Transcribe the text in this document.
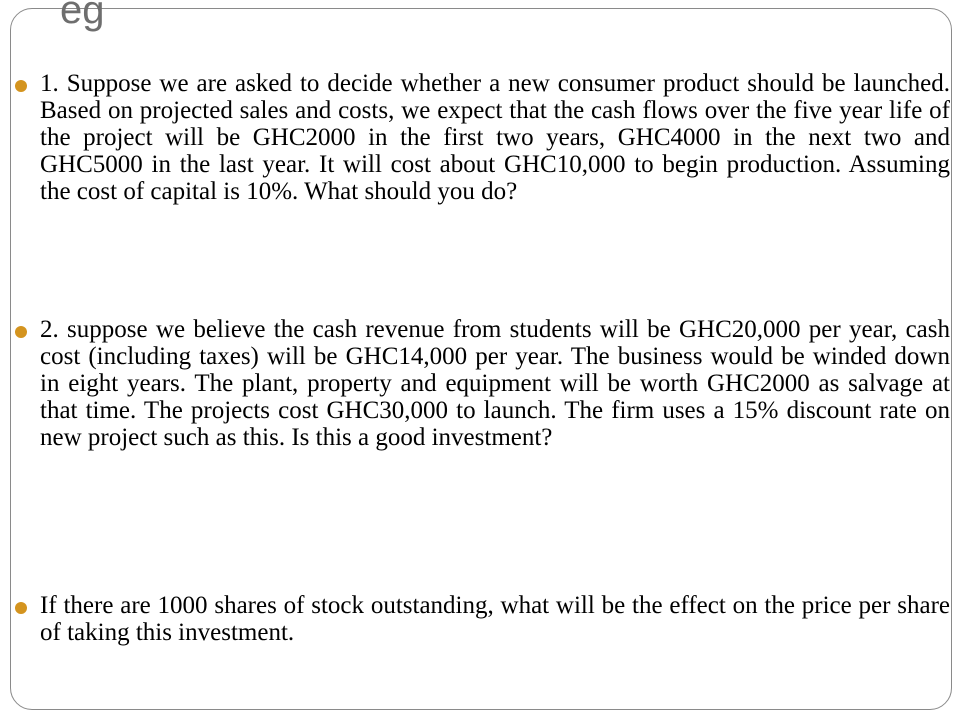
eg
1. Suppose we are asked to decide whether a new consumer product should be launched. Based on projected sales and costs, we expect that the cash flows over the five year life of the project will be GHC2000 in the first two years, GHC4000 in the next two and GHC5000 in the last year. It will cost about GHC10,000 to begin production. Assuming the cost of capital is 10%. What should you do?
2. suppose we believe the cash revenue from students will be GHC20,000 per year, cash cost (including taxes) will be GHC14,000 per year. The business would be winded down in eight years. The plant, property and equipment will be worth GHC2000 as salvage at that time. The projects cost GHC30,000 to launch. The firm uses a 15% discount rate on new project such as this. Is this a good investment?
If there are 1000 shares of stock outstanding, what will be the effect on the price per share of taking this investment.
